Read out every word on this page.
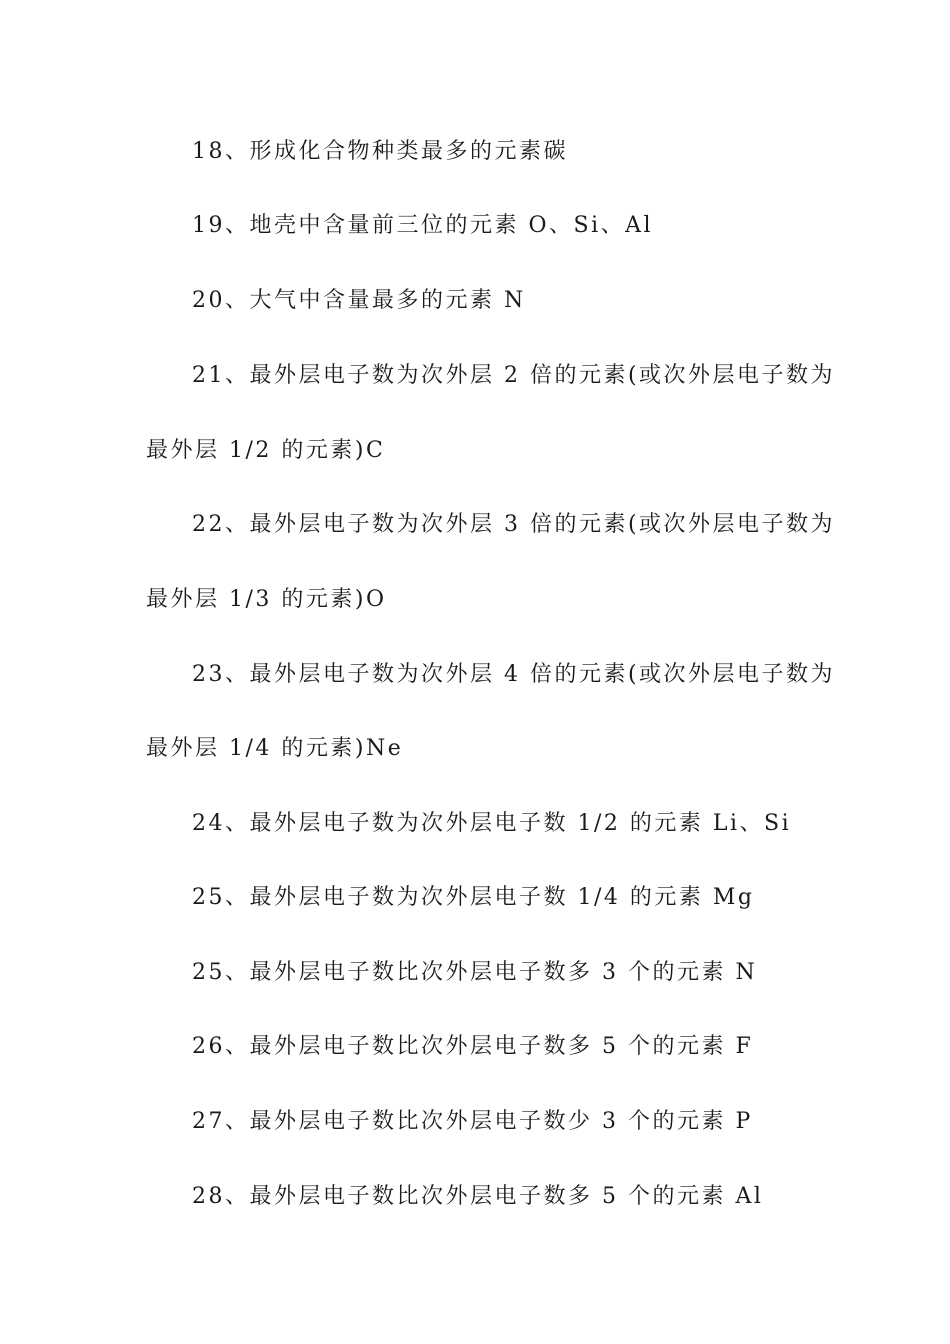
18、形成化合物种类最多的元素碳
19、地壳中含量前三位的元素 O、Si、Al
20、大气中含量最多的元素 N
21、最外层电子数为次外层 2 倍的元素(或次外层电子数为
最外层 1/2 的元素)C
22、最外层电子数为次外层 3 倍的元素(或次外层电子数为
最外层 1/3 的元素)O
23、最外层电子数为次外层 4 倍的元素(或次外层电子数为
最外层 1/4 的元素)Ne
24、最外层电子数为次外层电子数 1/2 的元素 Li、Si
25、最外层电子数为次外层电子数 1/4 的元素 Mg
25、最外层电子数比次外层电子数多 3 个的元素 N
26、最外层电子数比次外层电子数多 5 个的元素 F
27、最外层电子数比次外层电子数少 3 个的元素 P
28、最外层电子数比次外层电子数多 5 个的元素 Al
